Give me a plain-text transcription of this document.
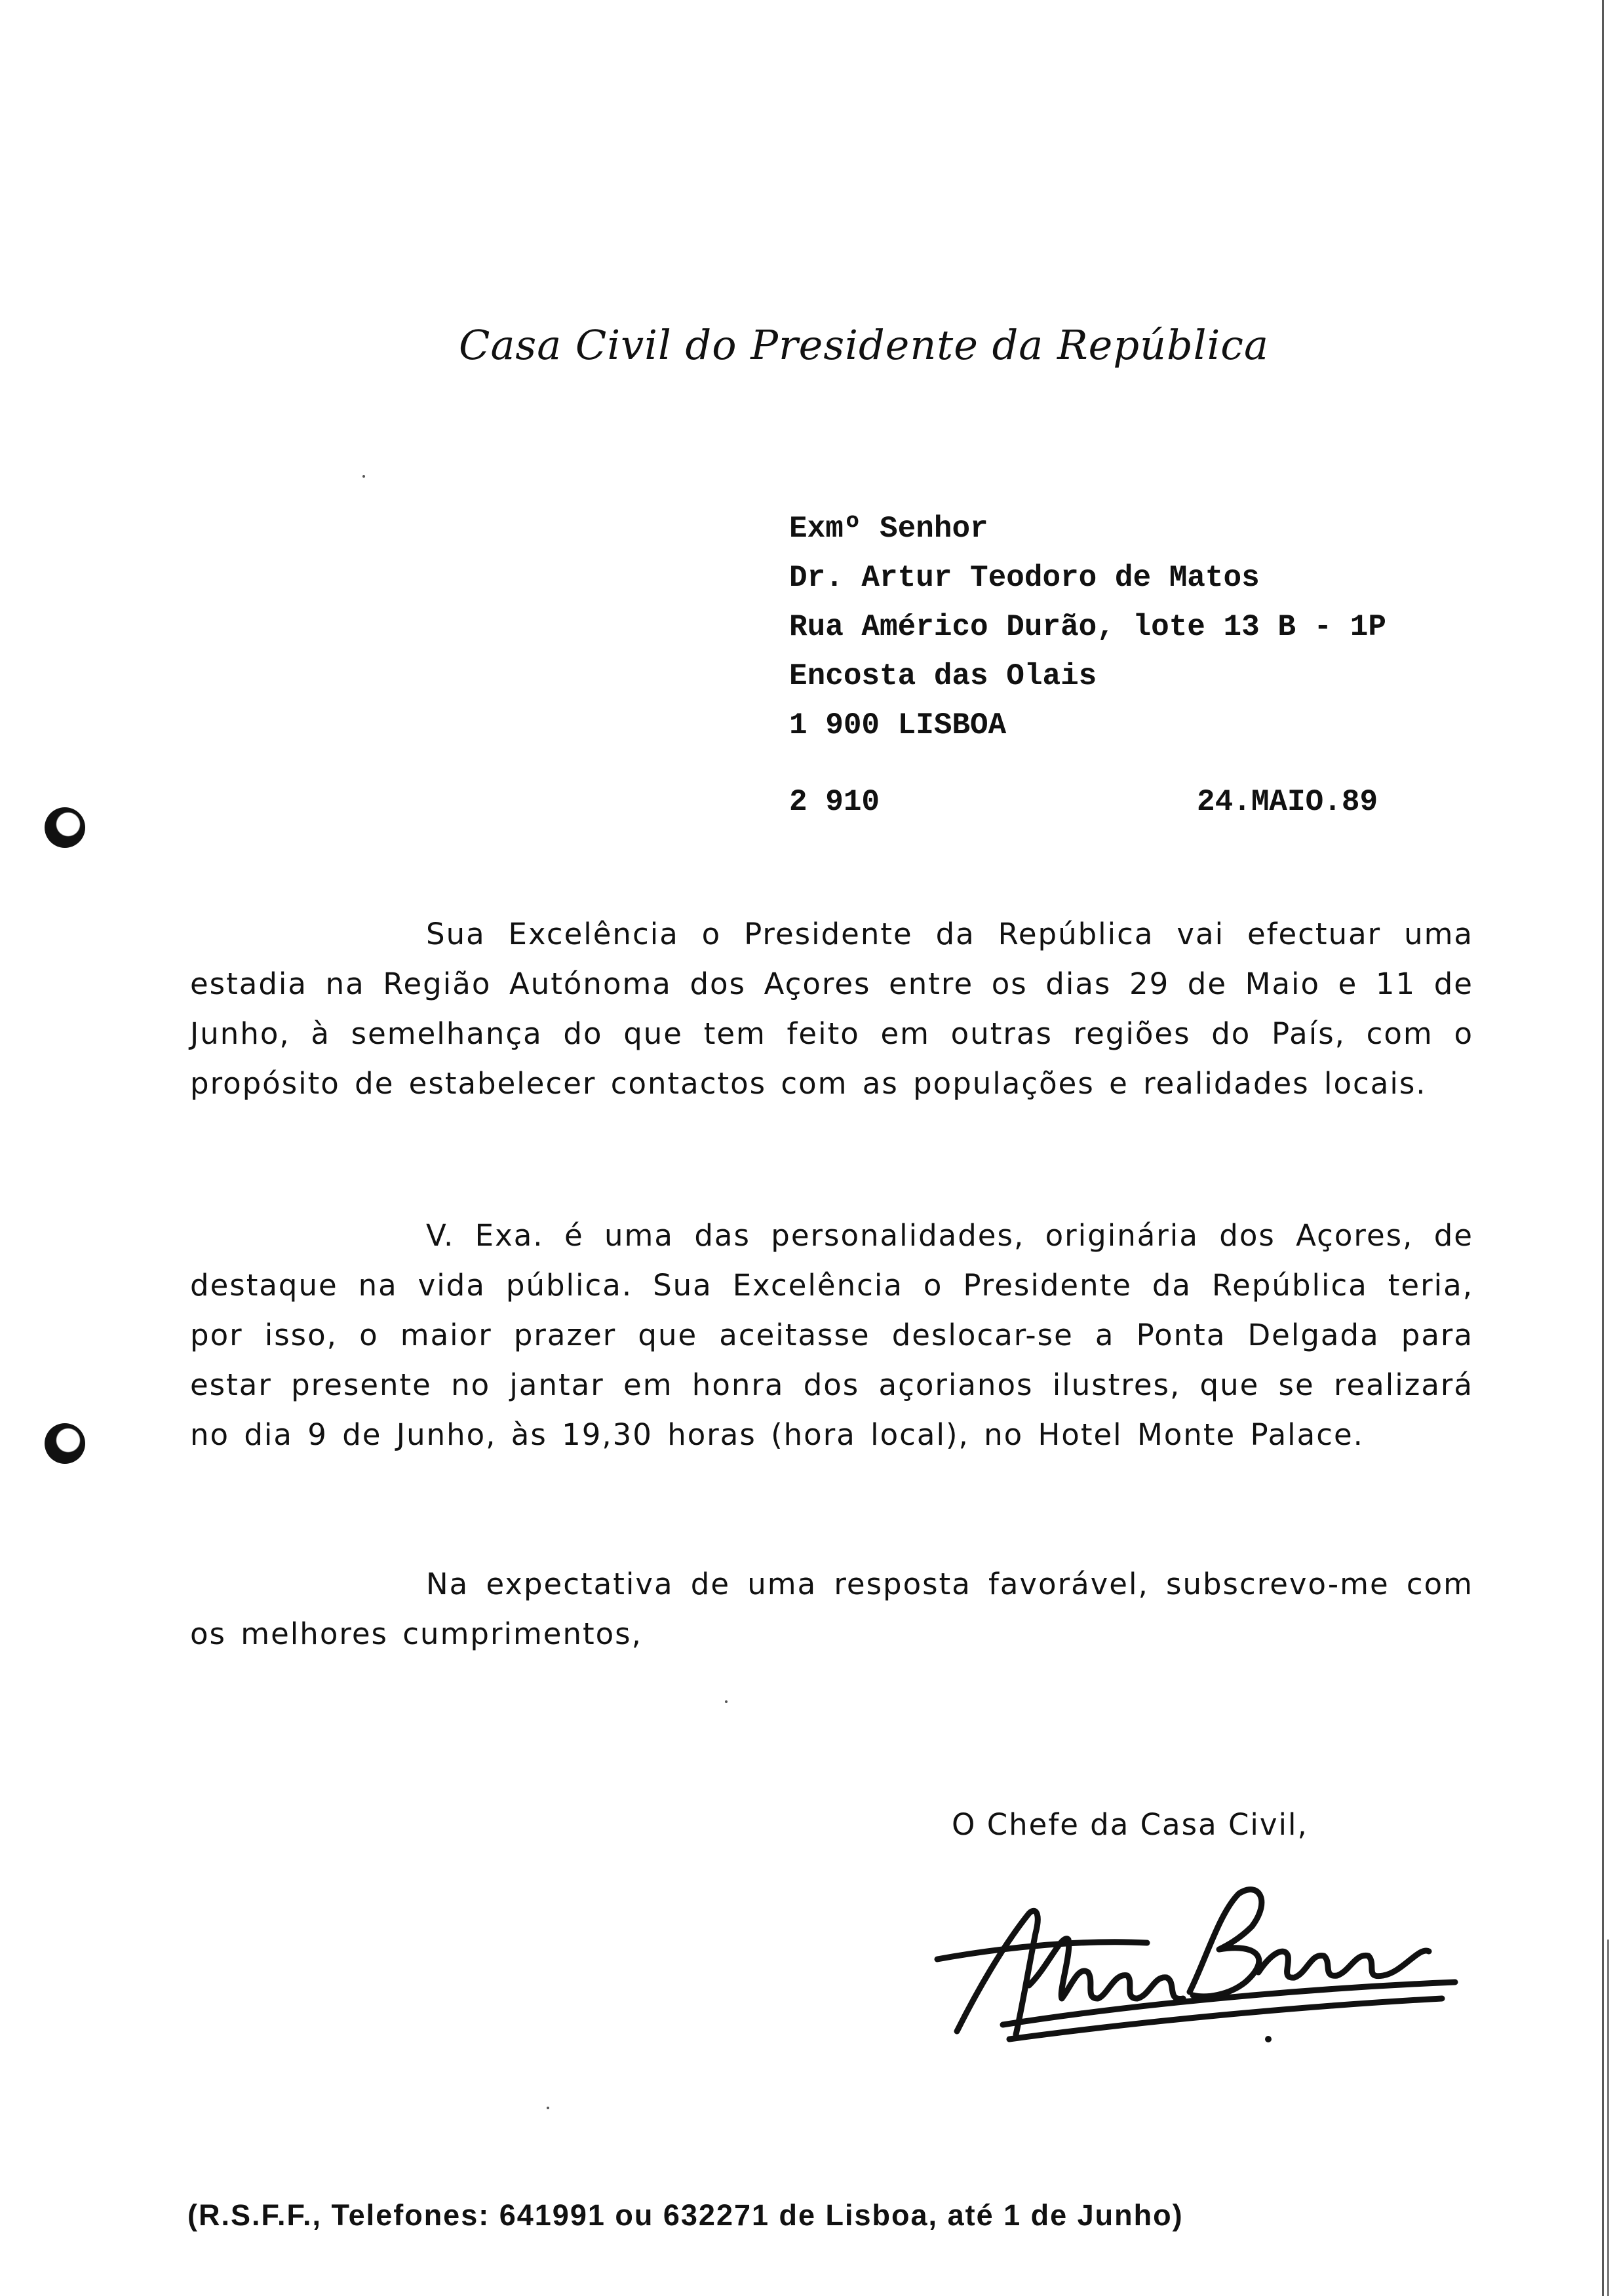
Casa Civil do Presidente da República
Exmº Senhor
Dr. Artur Teodoro de Matos
Rua Américo Durão, lote 13 B - 1P
Encosta das Olais
1 900 LISBOA
2 910	24.MAIO.89
Sua Excelência o Presidente da República vai efectuar uma estadia na Região Autónoma dos Açores entre os dias 29 de Maio e 11 de Junho, à semelhança do que tem feito em outras regiões do País, com o propósito de estabelecer contactos com as populações e realidades locais.
V. Exa. é uma das personalidades, originária dos Açores, de destaque na vida pública. Sua Excelência o Presidente da República teria, por isso, o maior prazer que aceitasse deslocar-se a Ponta Delgada para estar presente no jantar em honra dos açorianos ilustres, que se realizará no dia 9 de Junho, às 19,30 horas (hora local), no Hotel Monte Palace.
Na expectativa de uma resposta favorável, subscrevo-me com os melhores cumprimentos,
O Chefe da Casa Civil,
(R.S.F.F., Telefones: 641991 ou 632271 de Lisboa, até 1 de Junho)
